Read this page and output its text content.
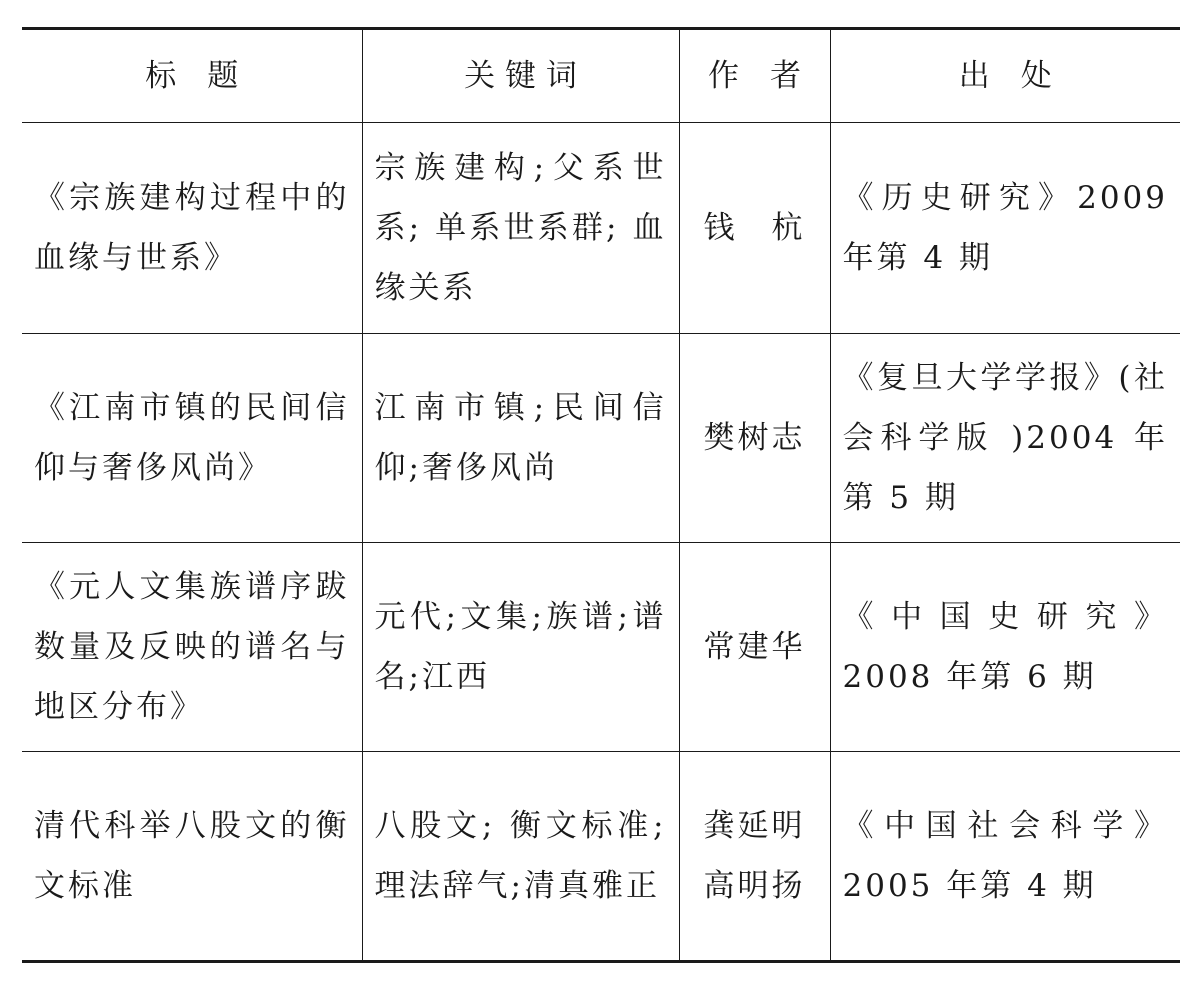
标　题	关 键 词	作　者	出　处
《宗族建构过程中的血缘与世系》	宗族建构;父系世系; 单系世系群; 血缘关系	钱　杭	《历史研究》2009 年第 4 期
《江南市镇的民间信仰与奢侈风尚》	江南市镇;民间信仰;奢侈风尚	樊树志	《复旦大学学报》(社会科学版 )2004 年第 5 期
《元人文集族谱序跋数量及反映的谱名与地区分布》	元代;文集;族谱;谱名;江西	常建华	《中国史研究》2008 年第 6 期
清代科举八股文的衡文标准	八股文; 衡文标准; 理法辞气;清真雅正	龚延明 高明扬	《中国社会科学》2005 年第 4 期
